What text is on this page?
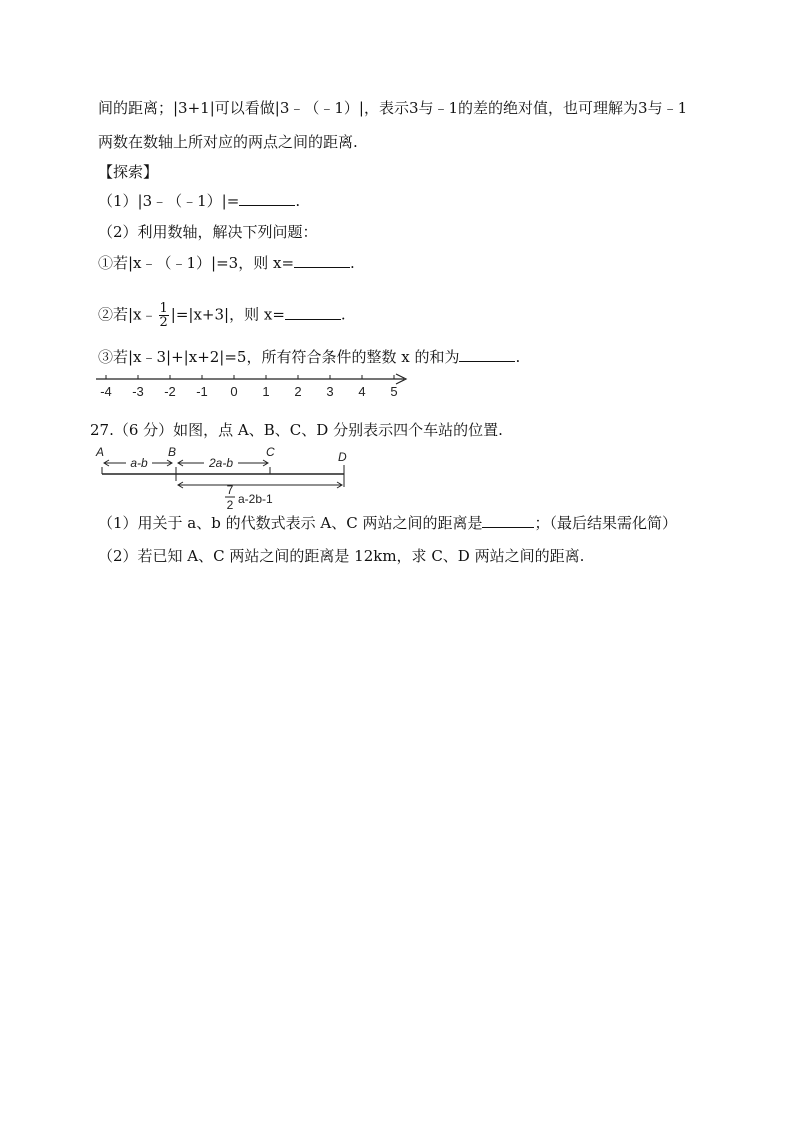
间的距离；|3+1|可以看做|3﹣（﹣1）|，表示3与﹣1的差的绝对值，也可理解为3与﹣1
两数在数轴上所对应的两点之间的距离.
【探索】
（1）|3﹣（﹣1）|=	.
（2）利用数轴，解决下列问题：
①若|x﹣（﹣1）|=3，则 x=	.
②若|x﹣ $\frac{1}{2} |=|x+3|$，则 x=	.
③若|x﹣3|+|x+2|=5，所有符合条件的整数 x 的和为	.
-4 -3 -2 -1 0 1 2 3 4 5
27.（6 分）如图，点 A、B、C、D 分别表示四个车站的位置.
A	B	C	D
a-b	2a-b
7
2 a-2b-1
（1）用关于 a、b 的代数式表示 A、C 两站之间的距离是	；（最后结果需化简）
（2）若已知 A、C 两站之间的距离是 12km，求 C、D 两站之间的距离.
